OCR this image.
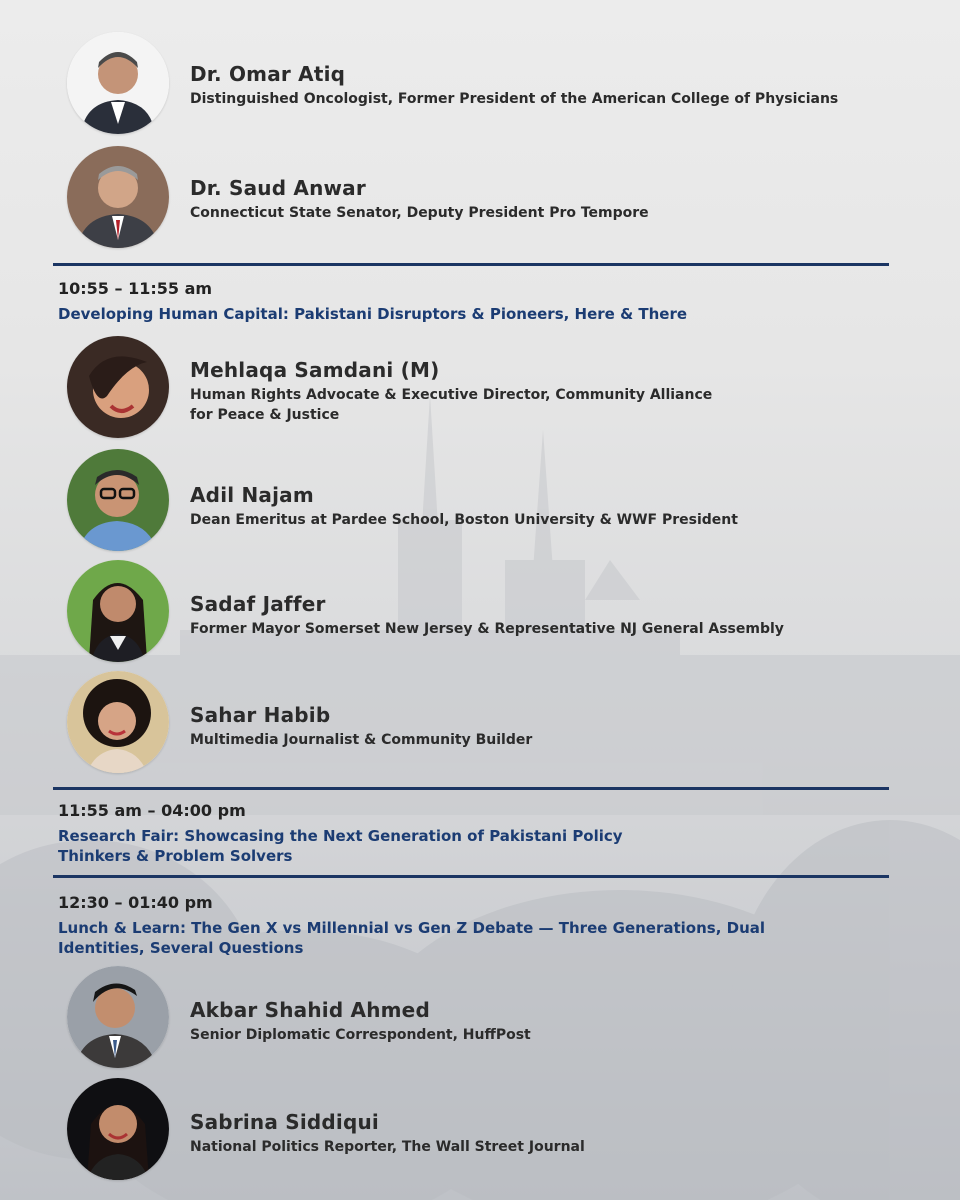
Dr. Omar Atiq
Distinguished Oncologist, Former President of the American College of Physicians
Dr. Saud Anwar
Connecticut State Senator, Deputy President Pro Tempore
10:55 – 11:55 am
Developing Human Capital: Pakistani Disruptors & Pioneers, Here & There
Mehlaqa Samdani (M)
Human Rights Advocate & Executive Director, Community Alliance for Peace & Justice
Adil Najam
Dean Emeritus at Pardee School, Boston University & WWF President
Sadaf Jaffer
Former Mayor Somerset New Jersey & Representative NJ General Assembly
Sahar Habib
Multimedia Journalist & Community Builder
11:55 am – 04:00 pm
Research Fair: Showcasing the Next Generation of Pakistani Policy Thinkers & Problem Solvers
12:30 – 01:40 pm
Lunch & Learn: The Gen X vs Millennial vs Gen Z Debate — Three Generations, Dual Identities, Several Questions
Akbar Shahid Ahmed
Senior Diplomatic Correspondent, HuffPost
Sabrina Siddiqui
National Politics Reporter, The Wall Street Journal
